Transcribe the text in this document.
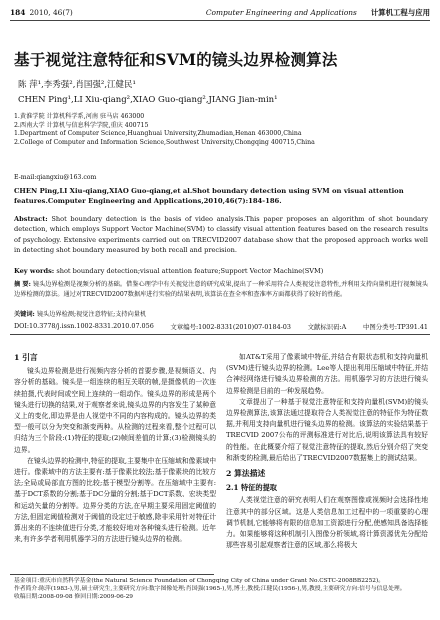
184 2010, 46(7)	Computer Engineering and Applications 计算机工程与应用
基于视觉注意特征和SVM的镜头边界检测算法
陈 萍¹,李秀强²,肖国强²,江健民¹
CHEN Ping¹,LI Xiu-qiang²,XIAO Guo-qiang²,JIANG Jian-min¹
1.黄淮学院 计算机科学系,河南 驻马店 463000
2.西南大学 计算机与信息科学学院,重庆 400715
1.Department of Computer Science,Huanghuai University,Zhumadian,Henan 463000,China
2.College of Computer and Information Science,Southwest University,Chongqing 400715,China
E-mail:qiangxiu@163.com
CHEN Ping,LI Xiu-qiang,XIAO Guo-qiang,et al.Shot boundary detection using SVM on visual attention features.Computer Engineering and Applications,2010,46(7):184-186.
Abstract: Shot boundary detection is the basis of video analysis.This paper proposes an algorithm of shot boundary detection, which employs Support Vector Machine(SVM) to classify visual attention features based on the research results of psychology. Extensive experiments carried out on TRECVID2007 database show that the proposed approach works well in detecting shot boundary measured by both recall and precision.
Key words: shot boundary detection;visual attention feature;Support Vector Machine(SVM)
摘 要: 镜头边界检测是视频分析的基础。借鉴心理学中有关视觉注意的研究成果,提出了一种采用符合人类视觉注意特性,并利用支持向量机进行视频镜头边界检测的算法。通过对TRECVID2007数据库进行实验的结果表明,该算法在查全率和查准率方面都获得了较好的性能。
关键词: 镜头边界检测;视觉注意特征;支持向量机
DOI:10.3778/j.issn.1002-8331.2010.07.056	文章编号:1002-8331(2010)07-0184-03	文献标识码:A	中图分类号:TP391.41
1 引言

镜头边界检测是进行视频内容分析的首要步骤,是视频语义、内容分析的基础。镜头是一组连续的相互关联的帧,是摄像机的一次连续拍摄,代表时间或空间上连续的一组动作。镜头边界的形成是两个镜头进行切换的结果,对于观察者来说,镜头边界的内容发生了某种意义上的变化,即边界是由人视觉中不同的内容构成的。镜头边界的类型一般可以分为突变和渐变两种。从检测的过程来看,整个过程可以归结为三个阶段:(1)特征的提取;(2)帧间差值的计算;(3)检测镜头的边界。

在镜头边界的检测中,特征的提取,主要集中在压缩域和像素域中进行。像素域中的方法主要有:基于像素比较法;基于像素块的比较方法;全局或局部直方图的比较;基于模型分割等。在压缩域中主要有:基于DCT系数的分割;基于DC分量的分割;基于DCT系数、宏块类型和运动矢量的分割等。边界分类的方法,在早期主要采用固定阈值的方法,但固定阈值检测对于阈值的设定过于敏感,除非采用针对特征计算出来的不连续值进行分类,才能较好地对各种镜头进行检测。近年来,有许多学者利用机器学习的方法进行镜头边界的检测。

如AT&T采用了像素域中特征,并结合有限状态机和支持向量机(SVM)进行镜头边界的检测。Lee等人提出利用压缩域中特征,并结合神经网络进行镜头边界检测的方法。用机器学习的方法进行镜头边界检测是目前的一种发展趋势。

文章提出了一种基于视觉注意特征和支持向量机(SVM)的镜头边界检测算法,该算法通过提取符合人类视觉注意的特征作为特征数据,并利用支持向量机进行镜头边界的检测。该算法的实验结果基于TRECVID 2007公布的评测标准进行对比后,说明该算法具有较好的性能。在此概要介绍了视觉注意特征的提取,然后分别介绍了突变和渐变的检测,最后给出了TRECVID2007数据集上的测试结果。

2 算法描述
2.1 特征的提取

人类视觉注意的研究表明人们在观察图像或视频时会选择性地注意其中的部分区域。这是人类信息加工过程中的一项重要的心理调节机制,它能够将有限的信息加工资源进行分配,使感知具备选择能力。如果能够将这种机制引入图像分析领域,将计算资源优先分配给那些容易引起观察者注意的区域,那么将极大

基金项目:重庆市自然科学基金(the Natural Science Foundation of Chongqing City of China under Grant No.CSTC-2008BB2252)。
作者简介:陈萍(1983-),男,硕士研究生,主要研究方向:数字图像处理;肖国强(1965-),男,博士,教授;江健民(1956-),男,教授,主要研究方向:信号与信息处理。
收稿日期:2008-09-08 修回日期:2009-06-29
